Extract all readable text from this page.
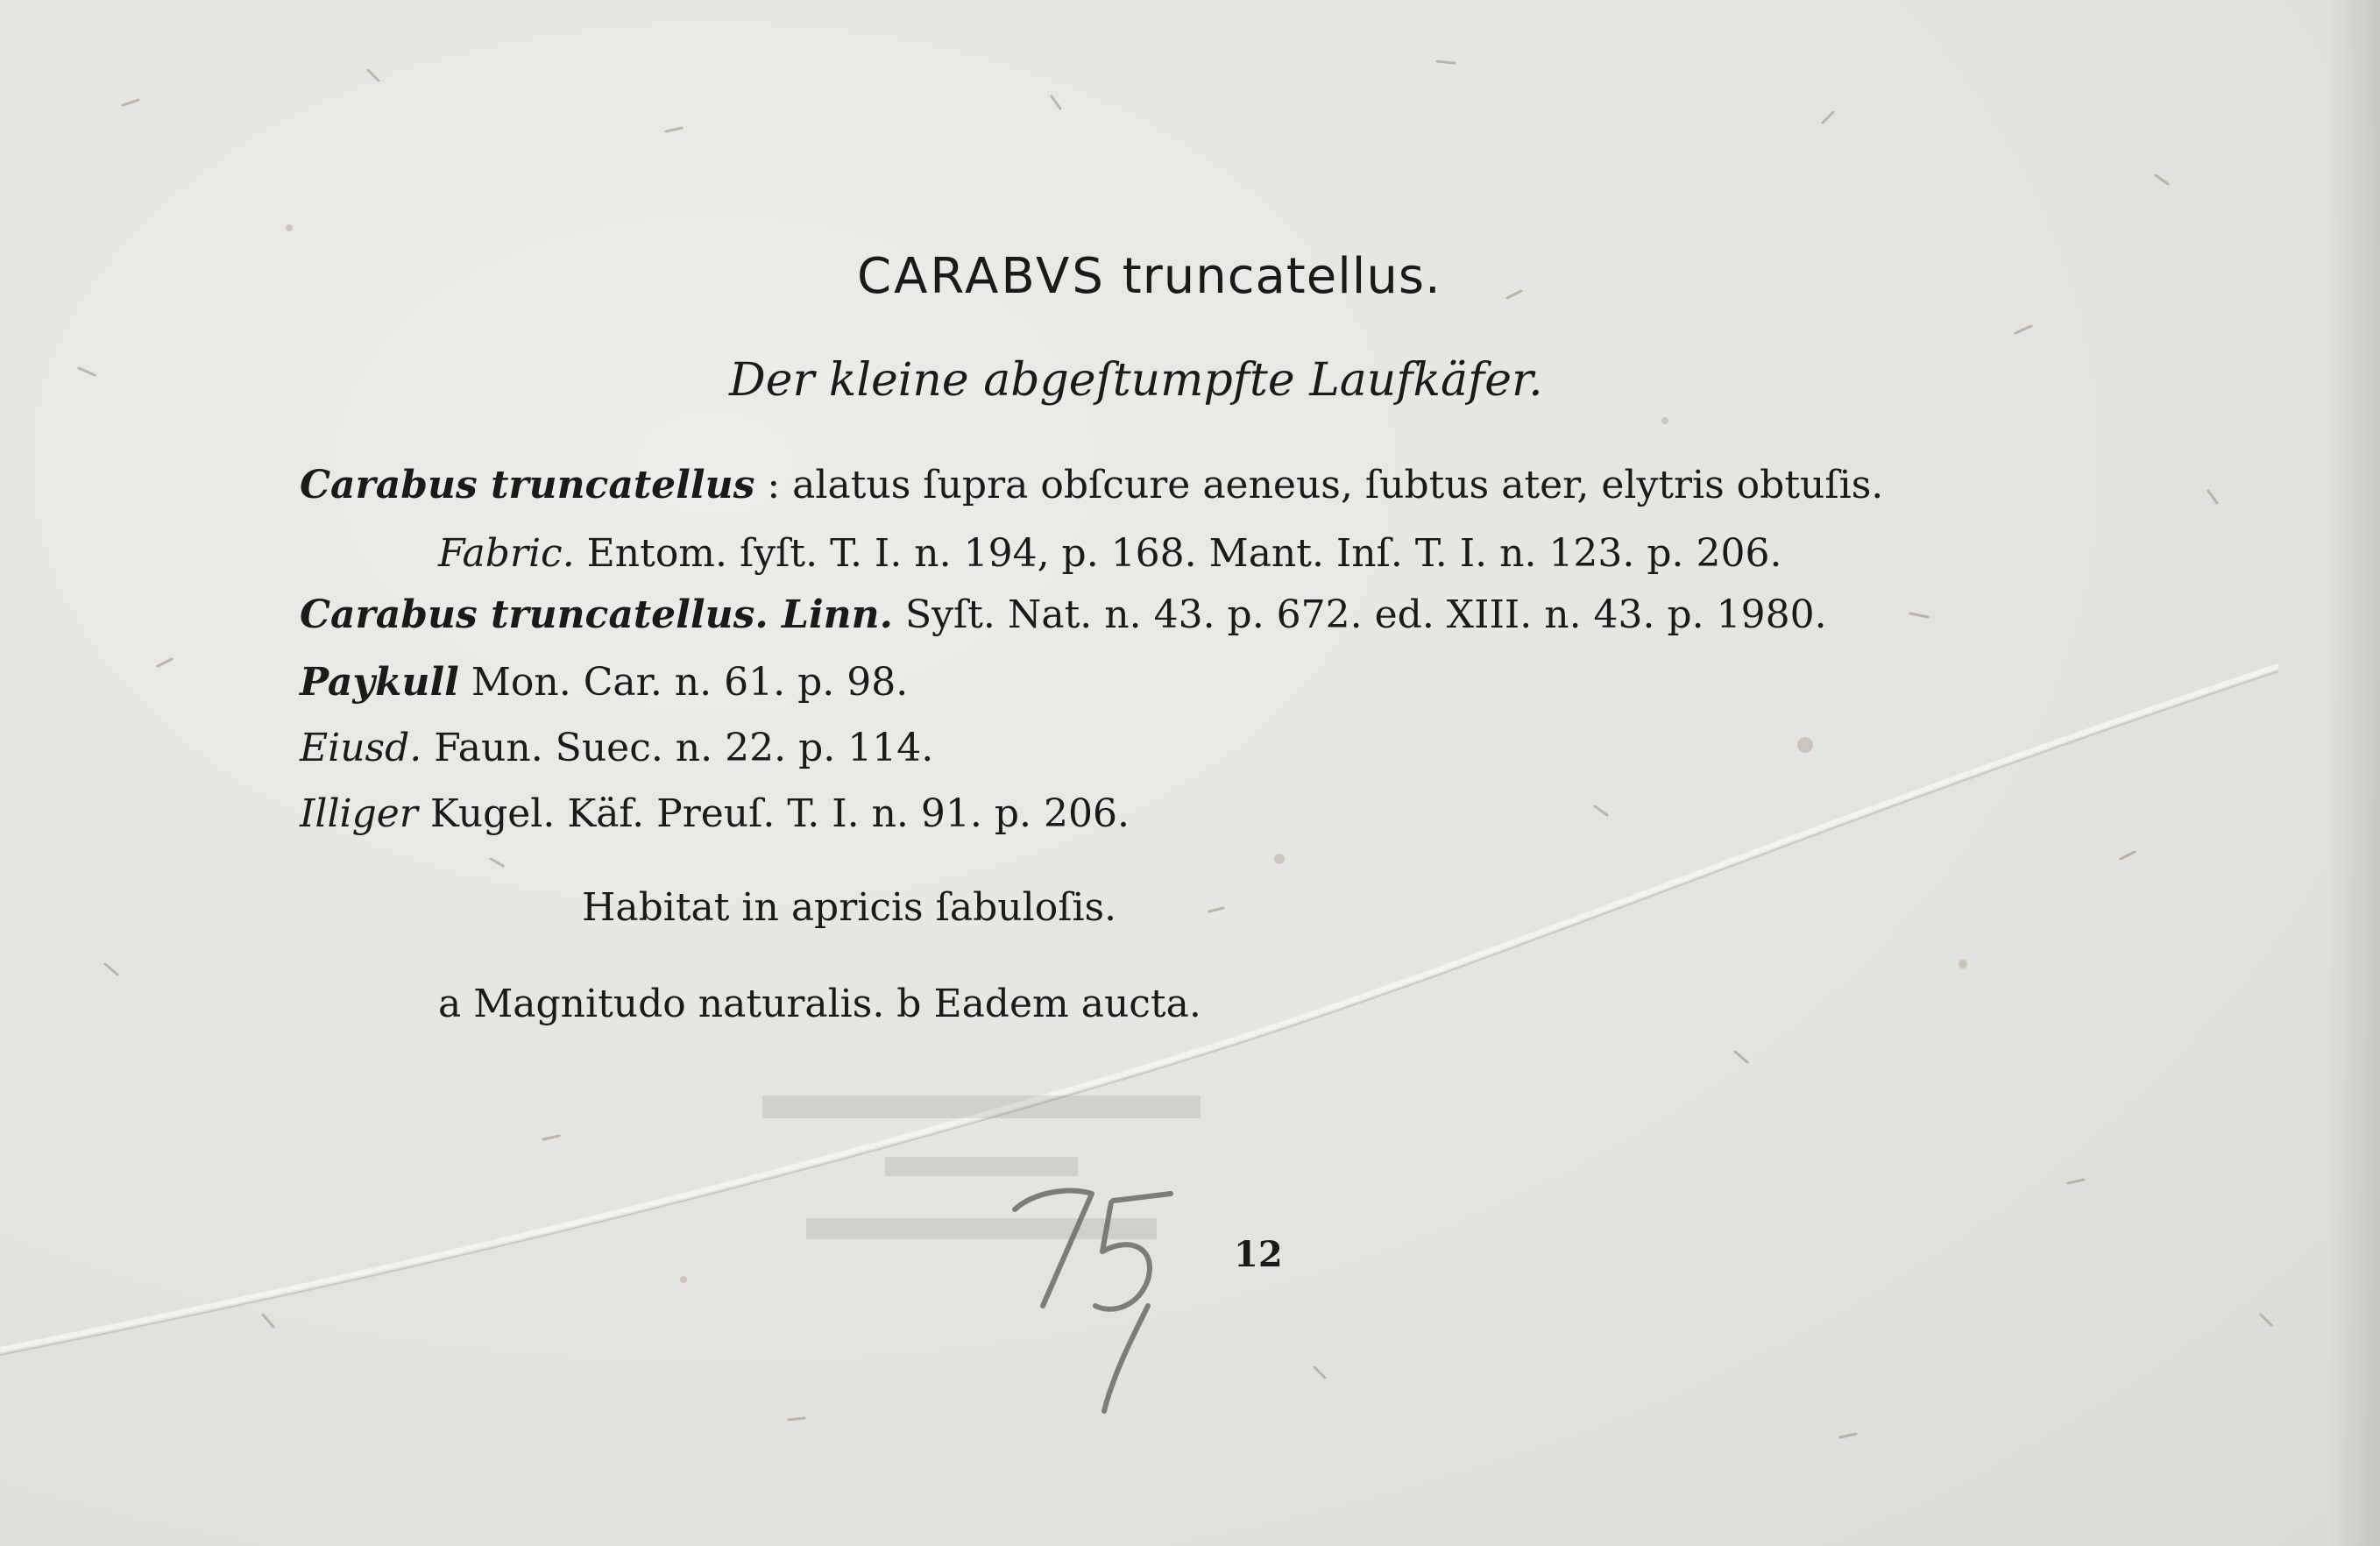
CARABVS truncatellus.
Der kleine abgeſtumpfte Laufkäfer.
Carabus truncatellus : alatus ſupra obſcure aeneus, ſubtus ater, elytris obtuſis.
Fabric. Entom. ſyſt. T. I. n. 194, p. 168. Mant. Inſ. T. I. n. 123. p. 206.
Carabus truncatellus. Linn. Syſt. Nat. n. 43. p. 672. ed. XIII. n. 43. p. 1980.
Paykull Mon. Car. n. 61. p. 98.
Eiusd. Faun. Suec. n. 22. p. 114.
Illiger Kugel. Käf. Preuſ. T. I. n. 91. p. 206.
Habitat in apricis ſabuloſis.
a Magnitudo naturalis. b Eadem aucta.
12
